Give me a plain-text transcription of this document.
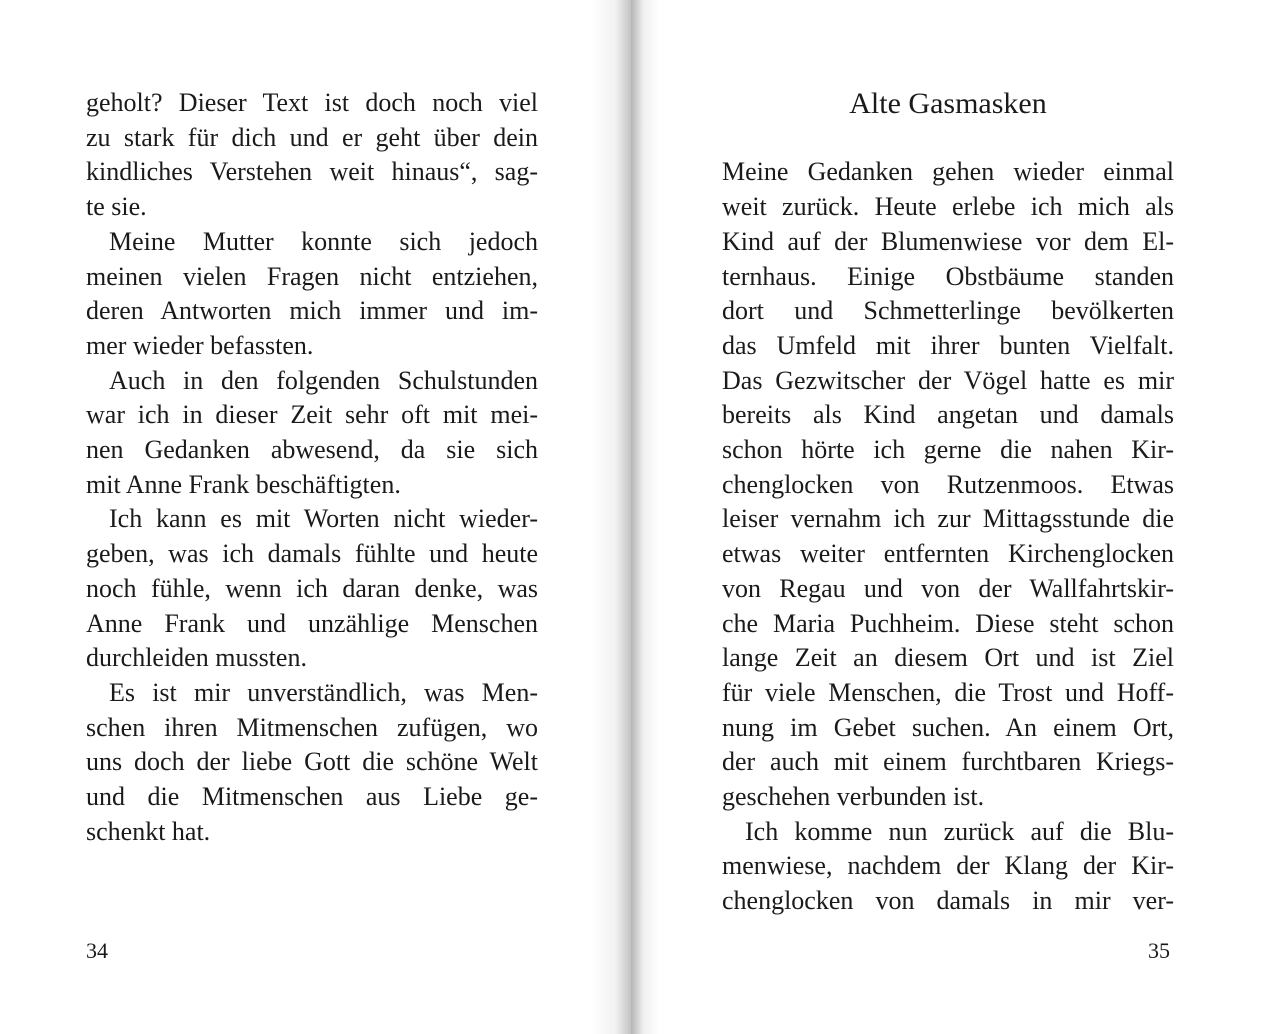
geholt? Dieser Text ist doch noch viel
zu stark für dich und er geht über dein
kindliches Verstehen weit hinaus“, sag-
te sie.
Meine Mutter konnte sich jedoch
meinen vielen Fragen nicht entziehen,
deren Antworten mich immer und im-
mer wieder befassten.
Auch in den folgenden Schulstunden
war ich in dieser Zeit sehr oft mit mei-
nen Gedanken abwesend, da sie sich
mit Anne Frank beschäftigten.
Ich kann es mit Worten nicht wieder-
geben, was ich damals fühlte und heute
noch fühle, wenn ich daran denke, was
Anne Frank und unzählige Menschen
durchleiden mussten.
Es ist mir unverständlich, was Men-
schen ihren Mitmenschen zufügen, wo
uns doch der liebe Gott die schöne Welt
und die Mitmenschen aus Liebe ge-
schenkt hat.
Alte Gasmasken
Meine Gedanken gehen wieder einmal
weit zurück. Heute erlebe ich mich als
Kind auf der Blumenwiese vor dem El-
ternhaus. Einige Obstbäume standen
dort und Schmetterlinge bevölkerten
das Umfeld mit ihrer bunten Vielfalt.
Das Gezwitscher der Vögel hatte es mir
bereits als Kind angetan und damals
schon hörte ich gerne die nahen Kir-
chenglocken von Rutzenmoos. Etwas
leiser vernahm ich zur Mittagsstunde die
etwas weiter entfernten Kirchenglocken
von Regau und von der Wallfahrtskir-
che Maria Puchheim. Diese steht schon
lange Zeit an diesem Ort und ist Ziel
für viele Menschen, die Trost und Hoff-
nung im Gebet suchen. An einem Ort,
der auch mit einem furchtbaren Kriegs-
geschehen verbunden ist.
Ich komme nun zurück auf die Blu-
menwiese, nachdem der Klang der Kir-
chenglocken von damals in mir ver-
34	35
